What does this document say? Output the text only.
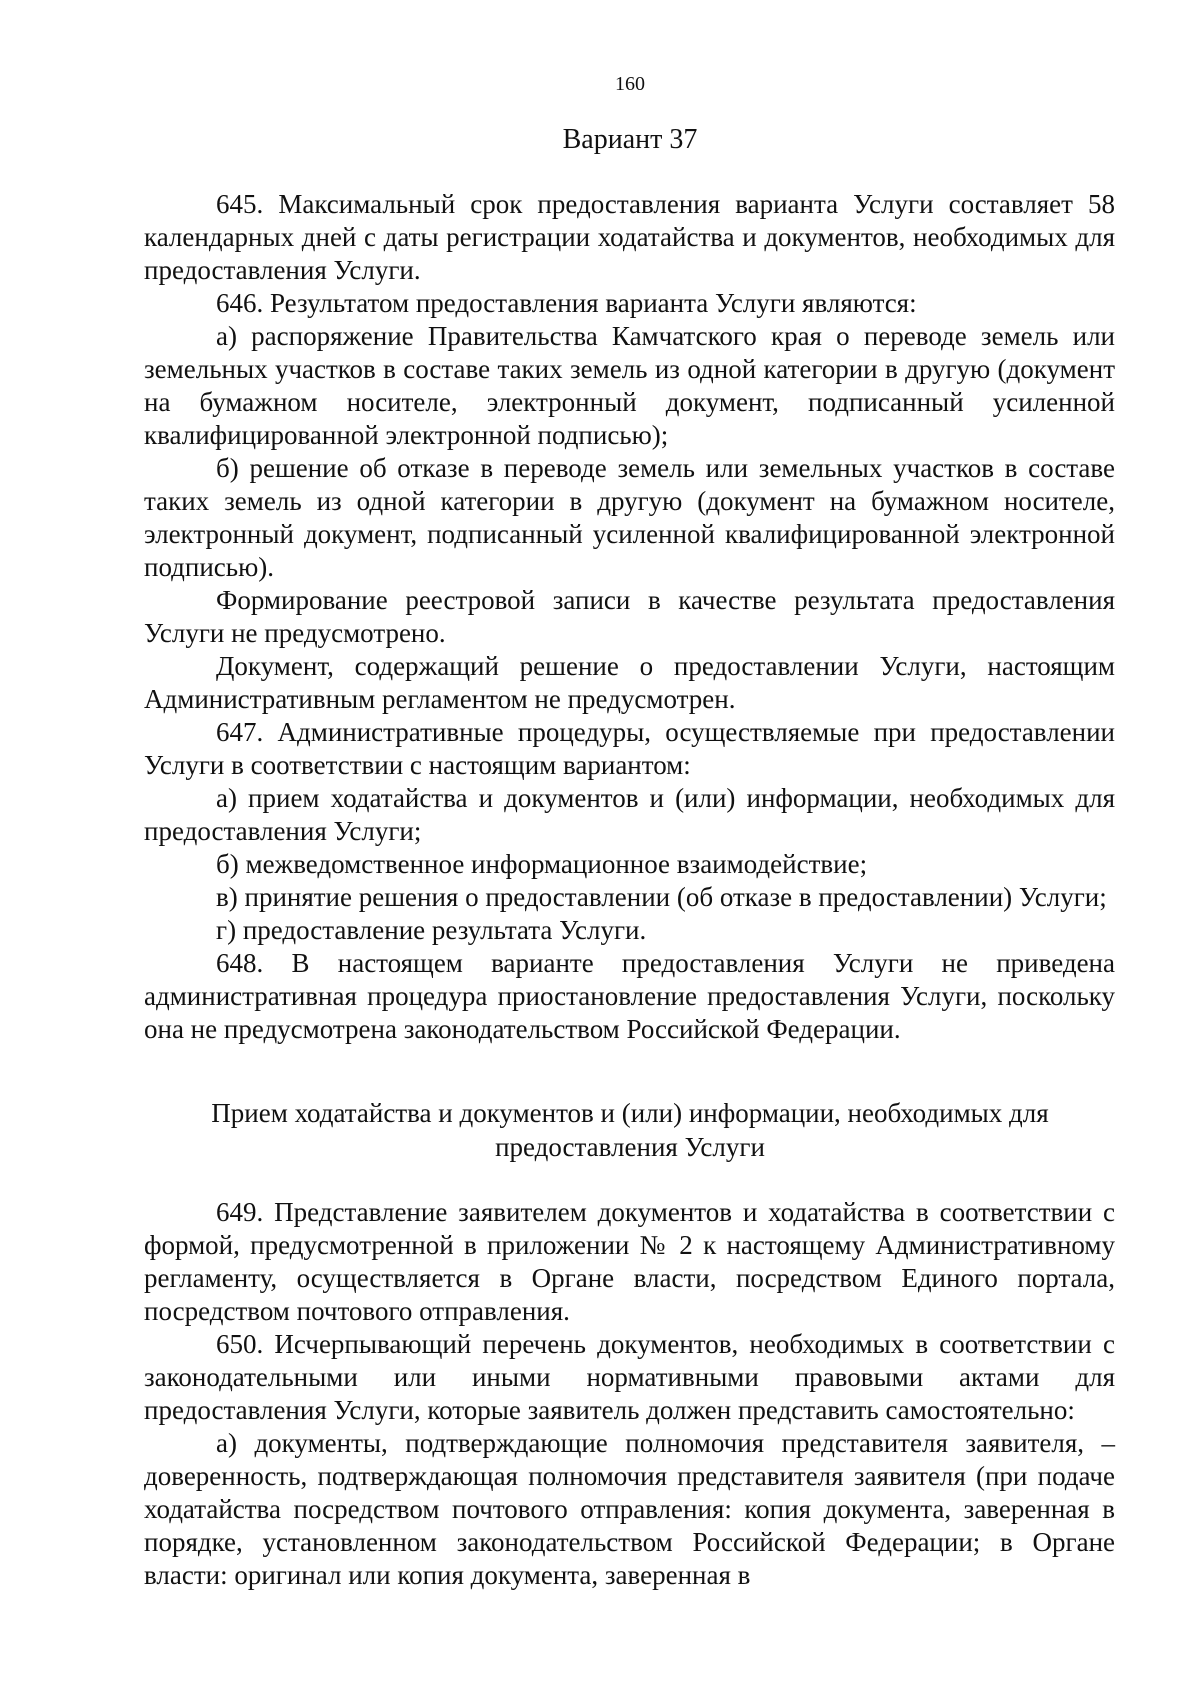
160
Вариант 37

645. Максимальный срок предоставления варианта Услуги составляет 58 календарных дней с даты регистрации ходатайства и документов, необходимых для предоставления Услуги.

646. Результатом предоставления варианта Услуги являются:

а) распоряжение Правительства Камчатского края о переводе земель или земельных участков в составе таких земель из одной категории в другую (документ на бумажном носителе, электронный документ, подписанный усиленной квалифицированной электронной подписью);

б) решение об отказе в переводе земель или земельных участков в составе таких земель из одной категории в другую (документ на бумажном носителе, электронный документ, подписанный усиленной квалифицированной электронной подписью).

Формирование реестровой записи в качестве результата предоставления Услуги не предусмотрено.

Документ, содержащий решение о предоставлении Услуги, настоящим Административным регламентом не предусмотрен.

647. Административные процедуры, осуществляемые при предоставлении Услуги в соответствии с настоящим вариантом:

а) прием ходатайства и документов и (или) информации, необходимых для предоставления Услуги;

б) межведомственное информационное взаимодействие;

в) принятие решения о предоставлении (об отказе в предоставлении) Услуги;

г) предоставление результата Услуги.

648. В настоящем варианте предоставления Услуги не приведена административная процедура приостановление предоставления Услуги, поскольку она не предусмотрена законодательством Российской Федерации.

Прием ходатайства и документов и (или) информации, необходимых для предоставления Услуги

649. Представление заявителем документов и ходатайства в соответствии с формой, предусмотренной в приложении № 2 к настоящему Административному регламенту, осуществляется в Органе власти, посредством Единого портала, посредством почтового отправления.

650. Исчерпывающий перечень документов, необходимых в соответствии с законодательными или иными нормативными правовыми актами для предоставления Услуги, которые заявитель должен представить самостоятельно:

а) документы, подтверждающие полномочия представителя заявителя, – доверенность, подтверждающая полномочия представителя заявителя (при подаче ходатайства посредством почтового отправления: копия документа, заверенная в порядке, установленном законодательством Российской Федерации; в Органе власти: оригинал или копия документа, заверенная в
